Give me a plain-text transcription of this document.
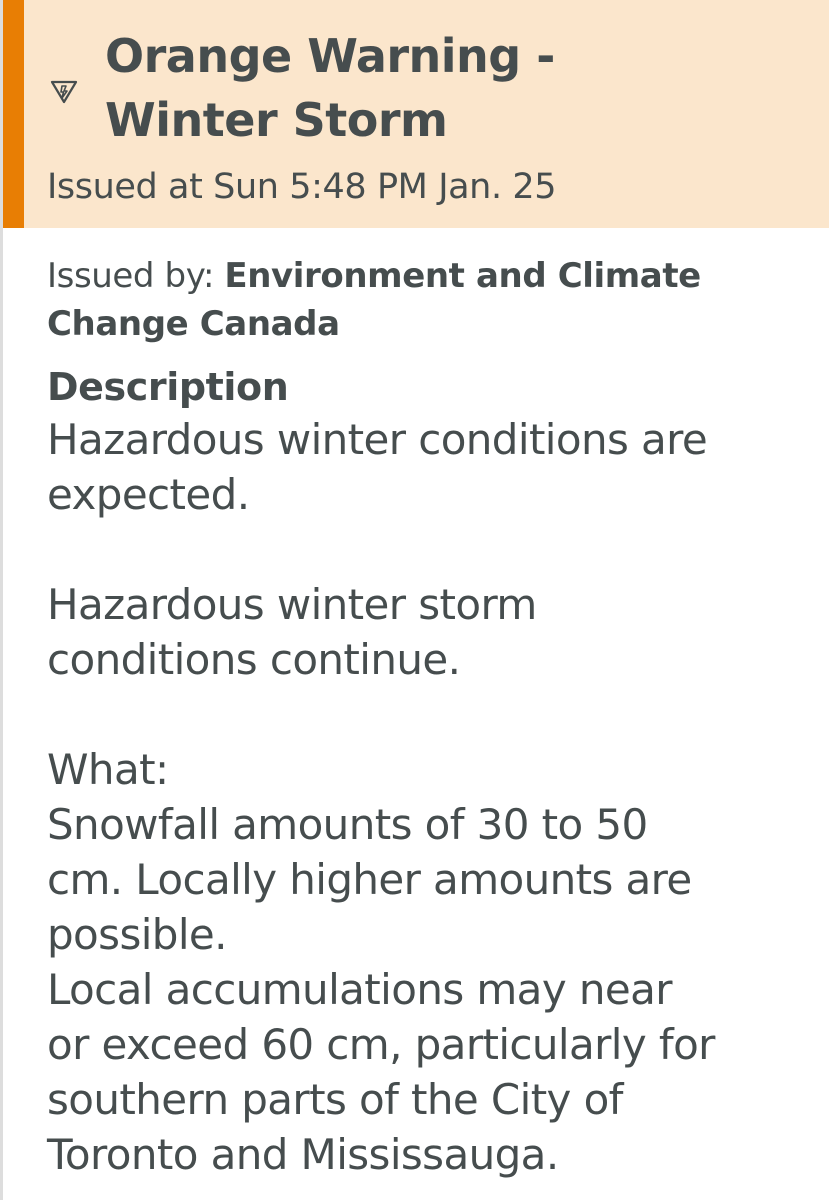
Orange Warning -
Winter Storm

Issued at Sun 5:48 PM Jan. 25

Issued by: Environment and Climate
Change Canada

Description

Hazardous winter conditions are
expected.

Hazardous winter storm
conditions continue.

What:
Snowfall amounts of 30 to 50
cm. Locally higher amounts are
possible.
Local accumulations may near
or exceed 60 cm, particularly for
southern parts of the City of
Toronto and Mississauga.
